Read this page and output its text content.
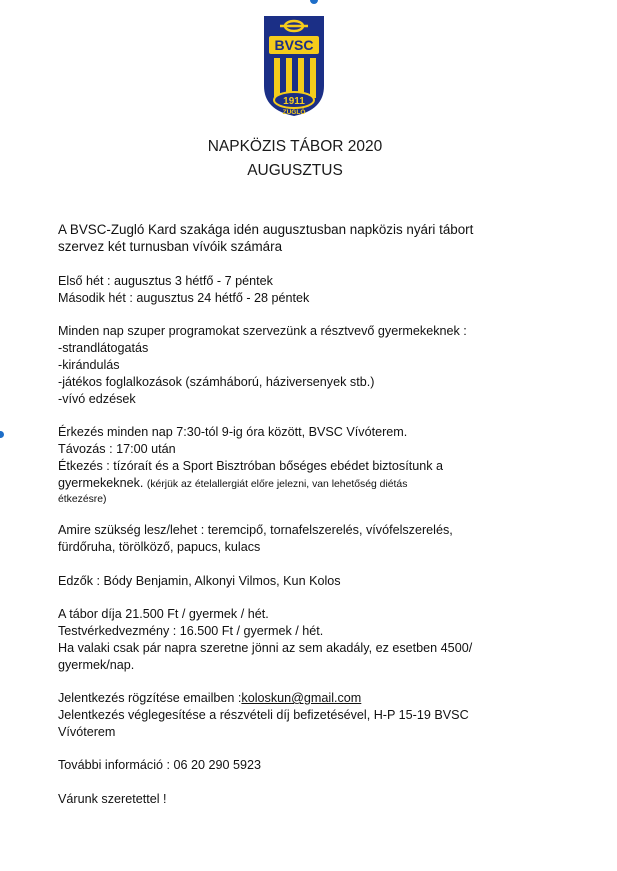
BVSC
1911
ZUGLÓ
NAPKÖZIS TÁBOR 2020
AUGUSZTUS
A BVSC-Zugló Kard szakága idén augusztusban napközis nyári tábort
szervez két turnusban vívóik számára
Első hét : augusztus 3 hétfő - 7 péntek
Második hét : augusztus 24 hétfő - 28 péntek
Minden nap szuper programokat szervezünk a résztvevő gyermekeknek :
-strandlátogatás
-kirándulás
-játékos foglalkozások (számháború, háziversenyek stb.)
-vívó edzések
Érkezés minden nap 7:30-tól 9-ig óra között, BVSC Vívóterem.
Távozás : 17:00 után
Étkezés : tízóraít és a Sport Bisztróban bőséges ebédet biztosítunk a
gyermekeknek. (kérjük az ételallergiát előre jelezni, van lehetőség diétás
étkezésre)
Amire szükség lesz/lehet : teremcipő, tornafelszerelés, vívófelszerelés,
fürdőruha, törölköző, papucs, kulacs
Edzők : Bódy Benjamin, Alkonyi Vilmos, Kun Kolos
A tábor díja 21.500 Ft / gyermek / hét.
Testvérkedvezmény : 16.500 Ft / gyermek / hét.
Ha valaki csak pár napra szeretne jönni az sem akadály, ez esetben 4500/
gyermek/nap.
Jelentkezés rögzítése emailben :koloskun@gmail.com
Jelentkezés véglegesítése a részvételi díj befizetésével, H-P 15-19 BVSC
Vívóterem
További információ : 06 20 290 5923
Várunk szeretettel !
